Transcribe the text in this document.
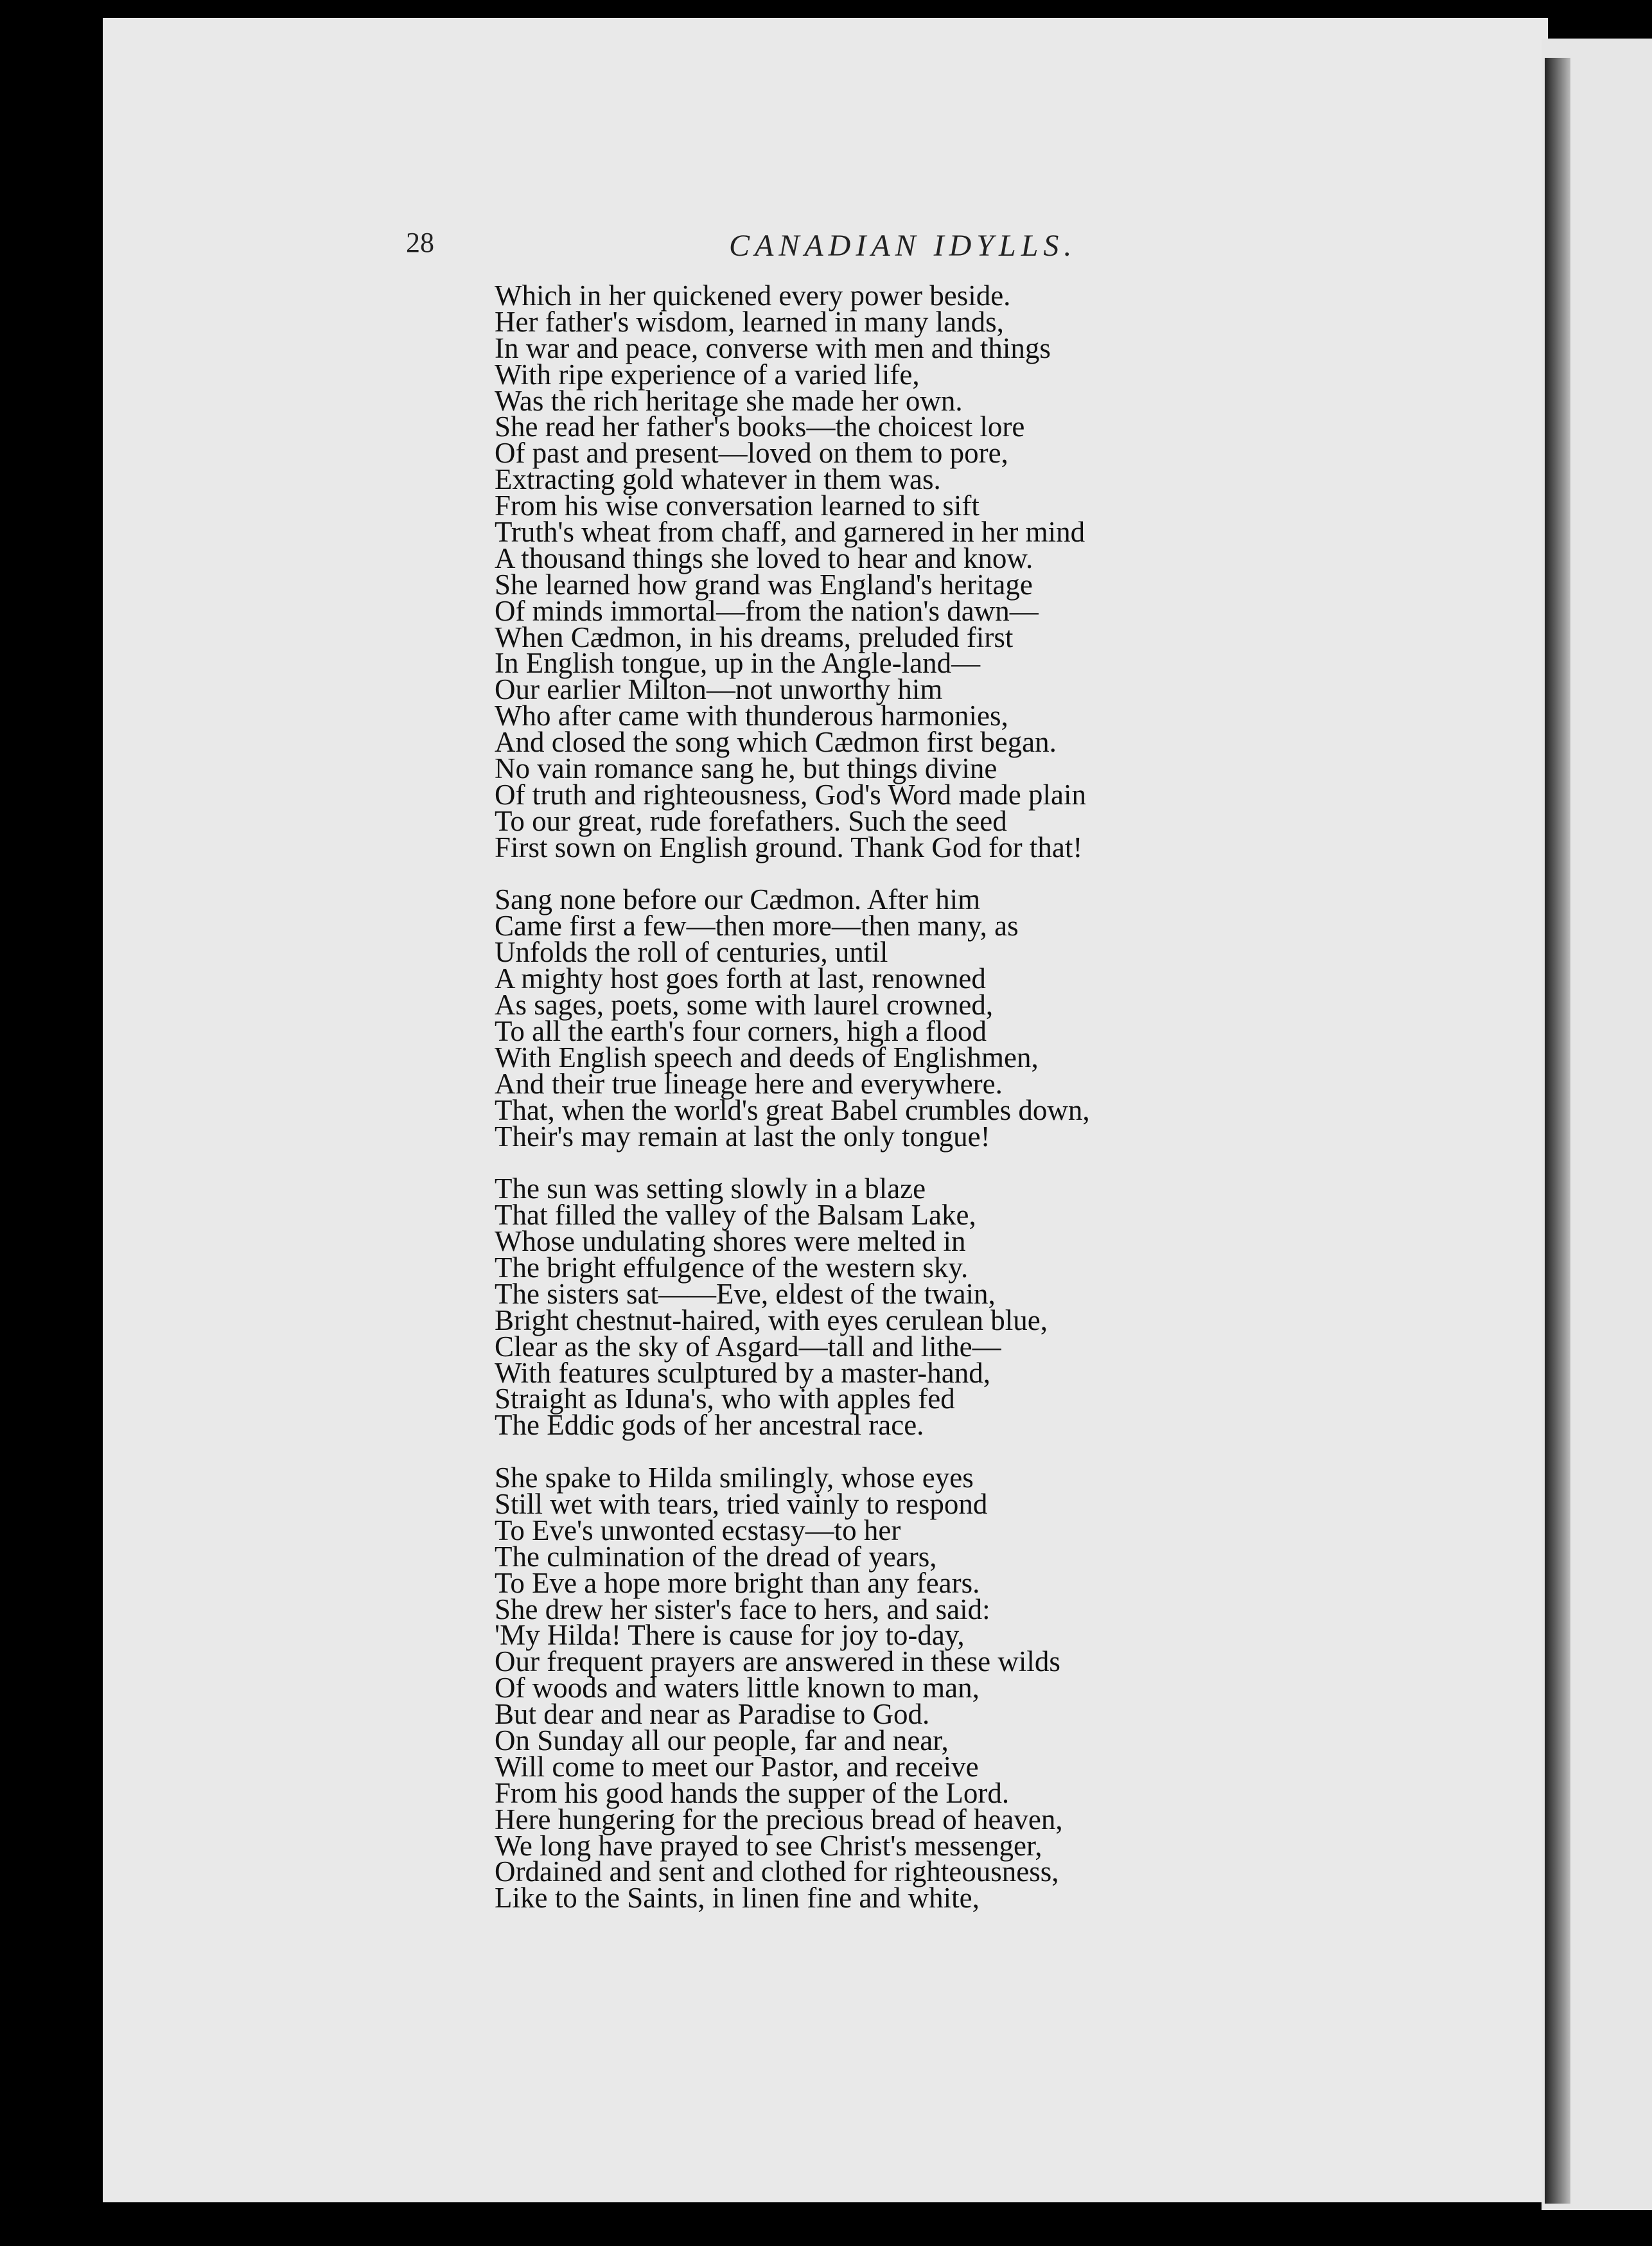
28	CANADIAN IDYLLS.
Which in her quickened every power beside.
Her father's wisdom, learned in many lands,
In war and peace, converse with men and things
With ripe experience of a varied life,
Was the rich heritage she made her own.
She read her father's books—the choicest lore
Of past and present—loved on them to pore,
Extracting gold whatever in them was.
From his wise conversation learned to sift
Truth's wheat from chaff, and garnered in her mind
A thousand things she loved to hear and know.
She learned how grand was England's heritage
Of minds immortal—from the nation's dawn—
When Cædmon, in his dreams, preluded first
In English tongue, up in the Angle-land—
Our earlier Milton—not unworthy him
Who after came with thunderous harmonies,
And closed the song which Cædmon first began.
No vain romance sang he, but things divine
Of truth and righteousness, God's Word made plain
To our great, rude forefathers. Such the seed
First sown on English ground. Thank God for that!
Sang none before our Cædmon. After him
Came first a few—then more—then many, as
Unfolds the roll of centuries, until
A mighty host goes forth at last, renowned
As sages, poets, some with laurel crowned,
To all the earth's four corners, high a flood
With English speech and deeds of Englishmen,
And their true lineage here and everywhere.
That, when the world's great Babel crumbles down,
Their's may remain at last the only tongue!
The sun was setting slowly in a blaze
That filled the valley of the Balsam Lake,
Whose undulating shores were melted in
The bright effulgence of the western sky.
The sisters sat——Eve, eldest of the twain,
Bright chestnut-haired, with eyes cerulean blue,
Clear as the sky of Asgard—tall and lithe—
With features sculptured by a master-hand,
Straight as Iduna's, who with apples fed
The Eddic gods of her ancestral race.
She spake to Hilda smilingly, whose eyes
Still wet with tears, tried vainly to respond
To Eve's unwonted ecstasy—to her
The culmination of the dread of years,
To Eve a hope more bright than any fears.
She drew her sister's face to hers, and said:
'My Hilda! There is cause for joy to-day,
Our frequent prayers are answered in these wilds
Of woods and waters little known to man,
But dear and near as Paradise to God.
On Sunday all our people, far and near,
Will come to meet our Pastor, and receive
From his good hands the supper of the Lord.
Here hungering for the precious bread of heaven,
We long have prayed to see Christ's messenger,
Ordained and sent and clothed for righteousness,
Like to the Saints, in linen fine and white,
